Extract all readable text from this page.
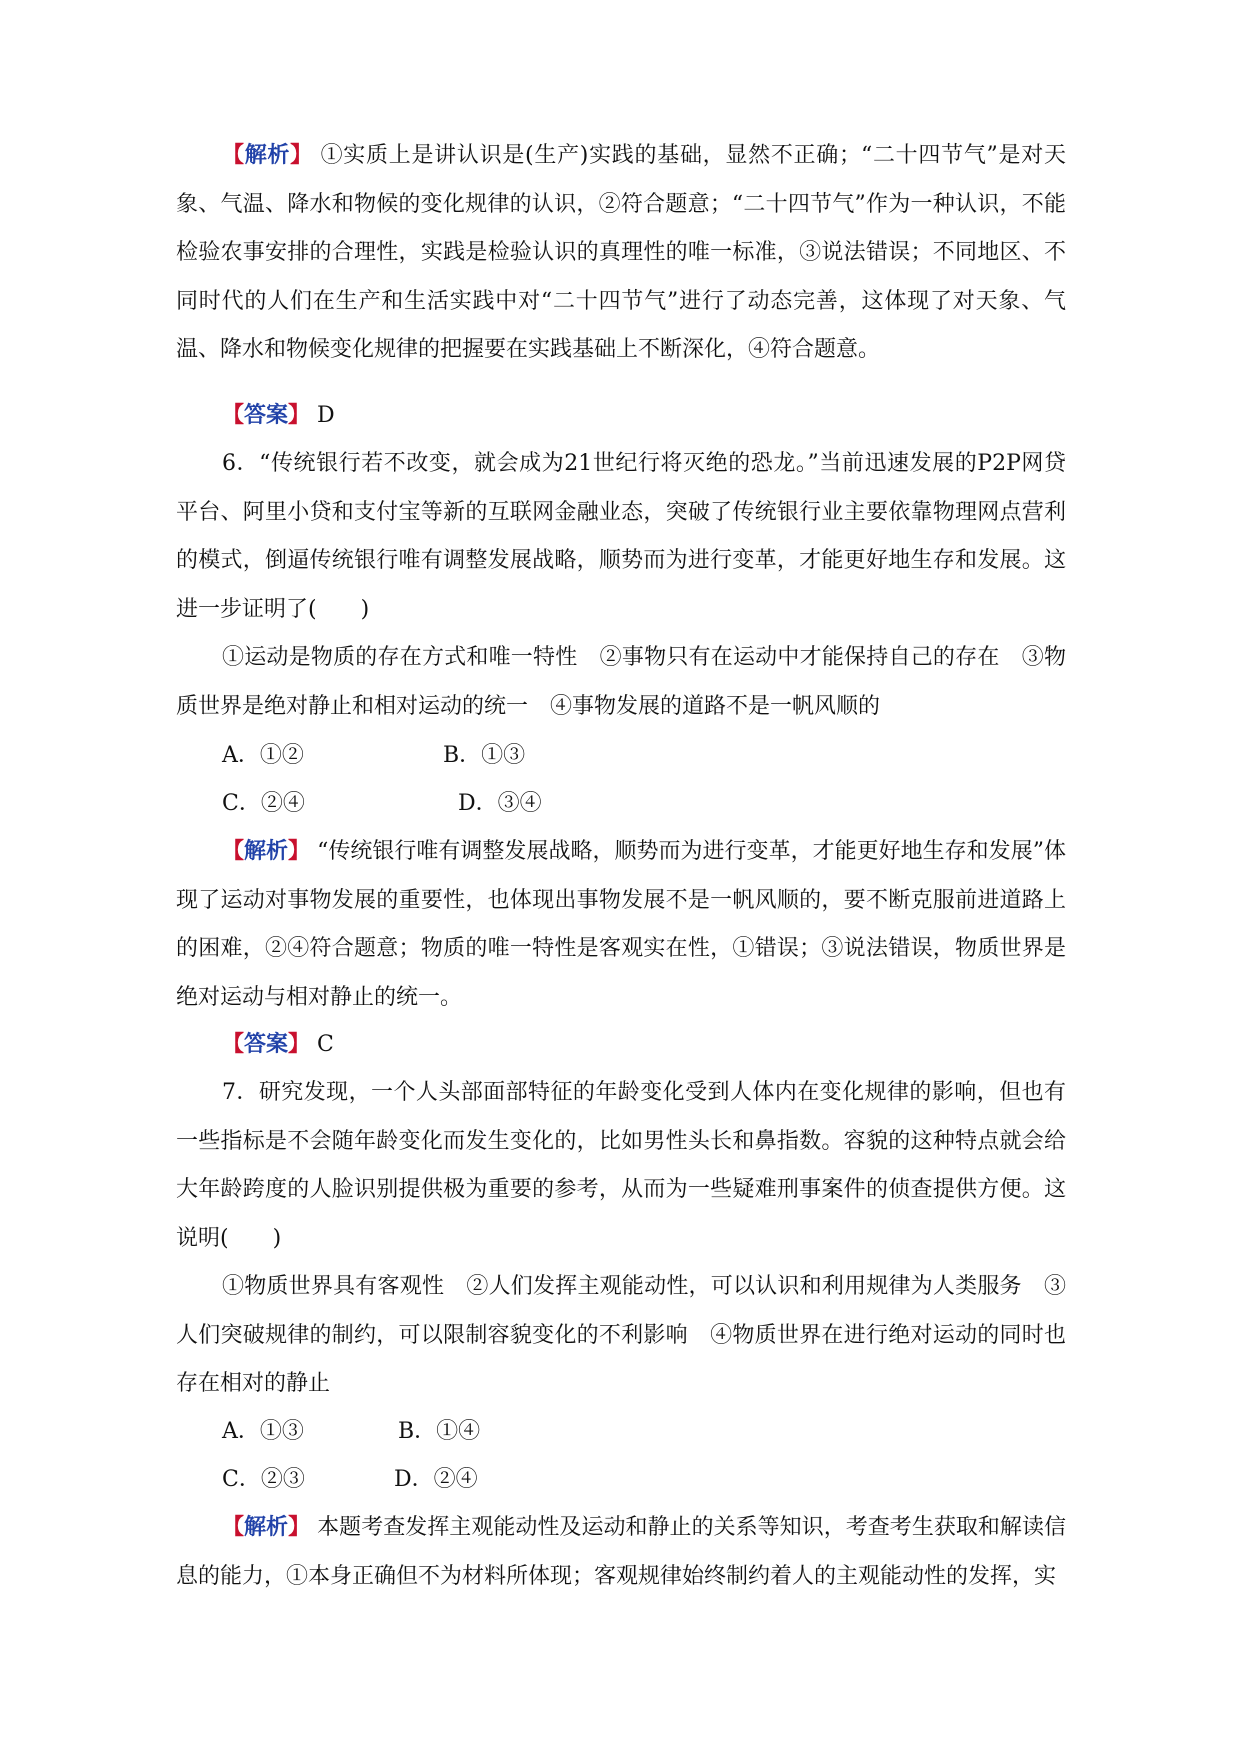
【解析】 ①实质上是讲认识是(生产)实践的基础，显然不正确；“二十四节气”是对天象、气温、降水和物候的变化规律的认识，②符合题意；“二十四节气”作为一种认识，不能检验农事安排的合理性，实践是检验认识的真理性的唯一标准，③说法错误；不同地区、不同时代的人们在生产和生活实践中对“二十四节气”进行了动态完善，这体现了对天象、气温、降水和物候变化规律的把握要在实践基础上不断深化，④符合题意。

【答案】 D

6．“传统银行若不改变，就会成为21世纪行将灭绝的恐龙。”当前迅速发展的P2P网贷平台、阿里小贷和支付宝等新的互联网金融业态，突破了传统银行业主要依靠物理网点营利的模式，倒逼传统银行唯有调整发展战略，顺势而为进行变革，才能更好地生存和发展。这进一步证明了(　　)

①运动是物质的存在方式和唯一特性　②事物只有在运动中才能保持自己的存在　③物质世界是绝对静止和相对运动的统一　④事物发展的道路不是一帆风顺的

A．①②	B．①③
C．②④	D．③④

【解析】 “传统银行唯有调整发展战略，顺势而为进行变革，才能更好地生存和发展”体现了运动对事物发展的重要性，也体现出事物发展不是一帆风顺的，要不断克服前进道路上的困难，②④符合题意；物质的唯一特性是客观实在性，①错误；③说法错误，物质世界是绝对运动与相对静止的统一。

【答案】 C

7．研究发现，一个人头部面部特征的年龄变化受到人体内在变化规律的影响，但也有一些指标是不会随年龄变化而发生变化的，比如男性头长和鼻指数。容貌的这种特点就会给大年龄跨度的人脸识别提供极为重要的参考，从而为一些疑难刑事案件的侦查提供方便。这说明(　　)

①物质世界具有客观性　②人们发挥主观能动性，可以认识和利用规律为人类服务　③人们突破规律的制约，可以限制容貌变化的不利影响　④物质世界在进行绝对运动的同时也存在相对的静止

A．①③	B．①④
C．②③	D．②④

【解析】 本题考查发挥主观能动性及运动和静止的关系等知识，考查考生获取和解读信息的能力，①本身正确但不为材料所体现；客观规律始终制约着人的主观能动性的发挥，实
